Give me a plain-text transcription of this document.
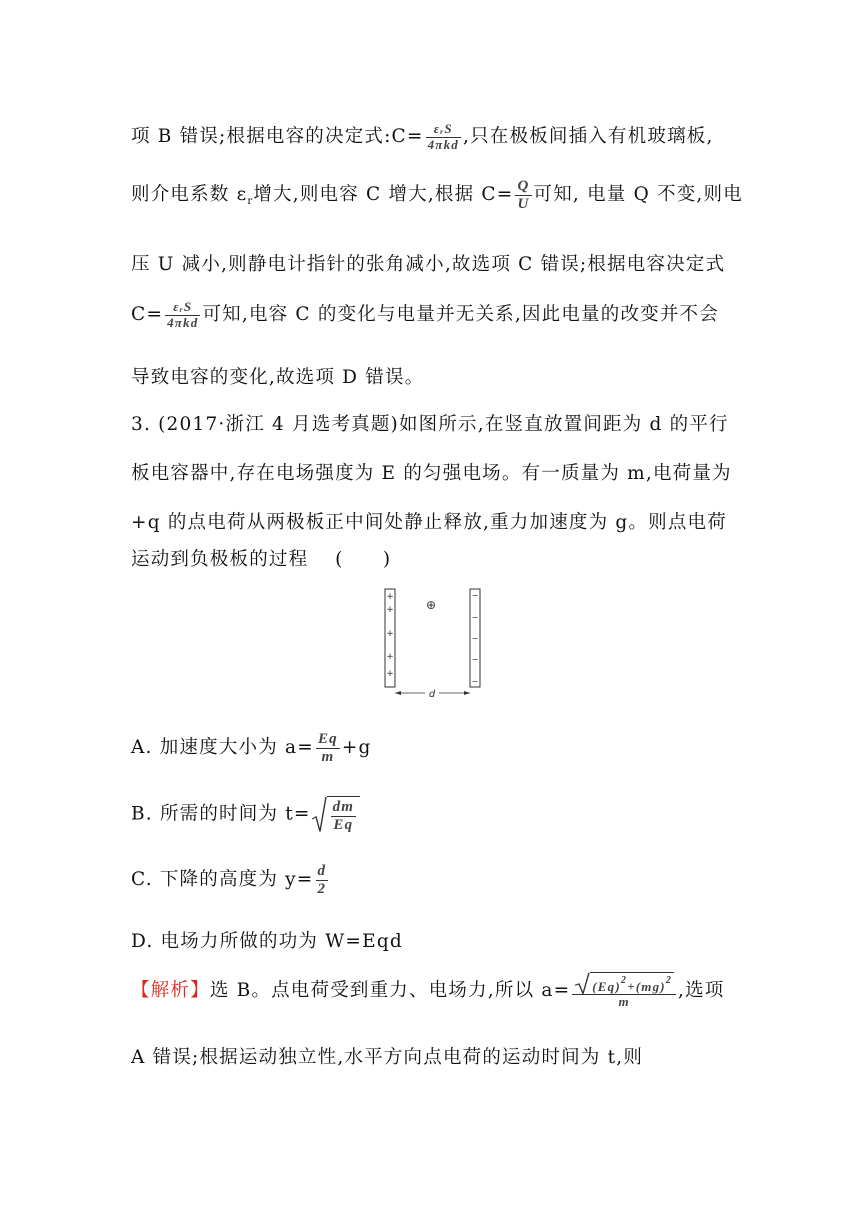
项 B 错误;根据电容的决定式:C= $\frac{\text{εᵣS}}{\text{4πkd}}$ ,只在极板间插入有机玻璃板,
则介电系数 $\varepsilon_r$增大,则电容 C 增大,根据 $C= \frac{Q}{U}$ 可知, 电量 Q 不变,则电
压 U 减小,则静电计指针的张角减小,故选项 C 错误;根据电容决定式
$C= \frac{\text{εᵣS}}{\text{4πkd}}$ 可知,电容 C 的变化与电量并无关系,因此电量的改变并不会
导致电容的变化,故选项 D 错误。
3. (2017·浙江 4 月选考真题)如图所示,在竖直放置间距为 d 的平行
板电容器中,存在电场强度为 E 的匀强电场。有一质量为 m,电荷量为
+q 的点电荷从两极板正中间处静止释放,重力加速度为 g。则点电荷
运动到负极板的过程　 (　　)
+
+
+
+
+
−
−
−
−
−
⊕
d
A. 加速度大小为 $a= \frac{Eq}{m} +g$
B. 所需的时间为 $t= \frac{dm}{Eq}$
C. 下降的高度为 $y= \frac{d}{2}$
D. 电场力所做的功为 W=Eqd
【解析】选 B。点电荷受到重力、电场力,所以 $a= \frac{(Eq)^2+(mg)^2}{m}$ ,选项
A 错误;根据运动独立性,水平方向点电荷的运动时间为 t,则
